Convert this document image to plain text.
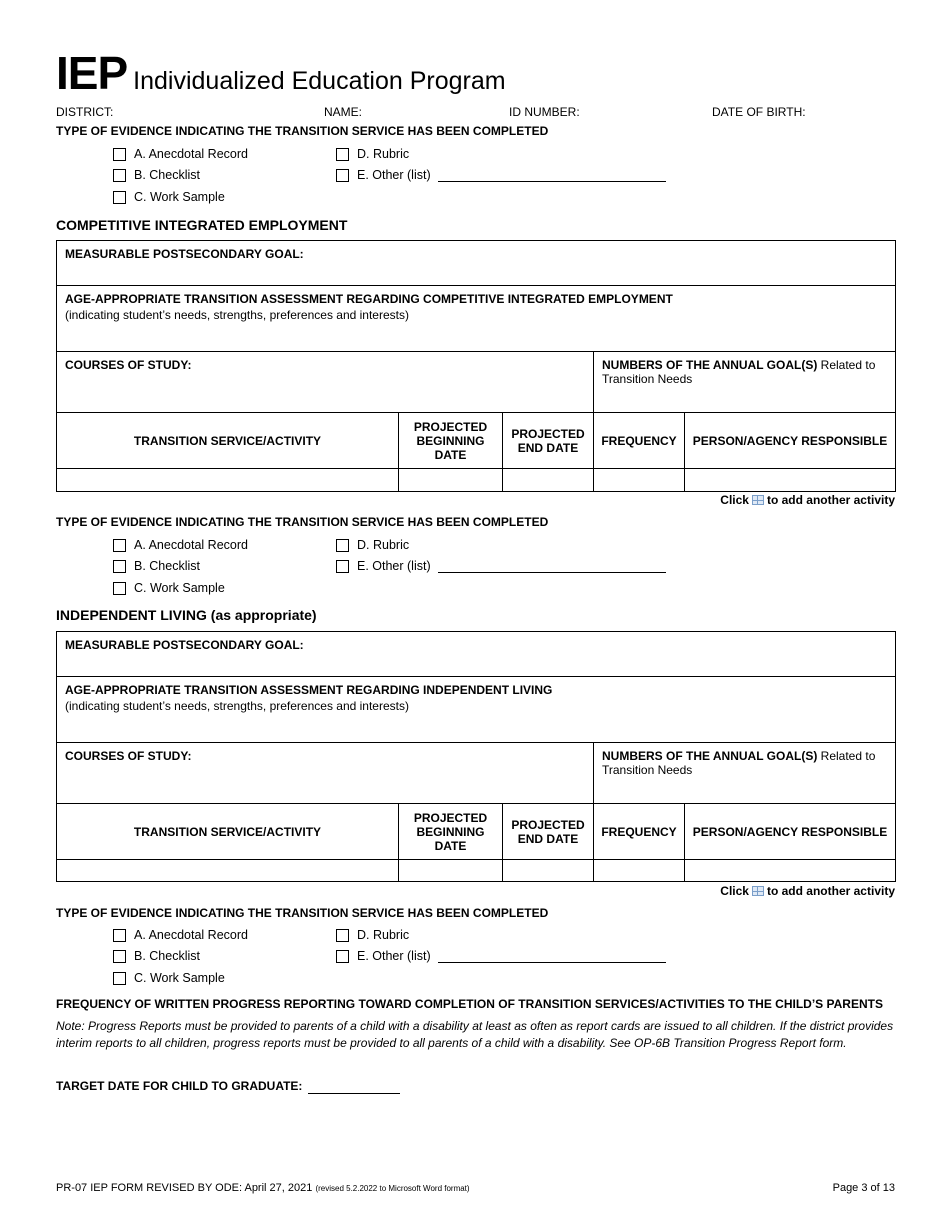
IEP Individualized Education Program
DISTRICT:	NAME:	ID NUMBER:	DATE OF BIRTH:
TYPE OF EVIDENCE INDICATING THE TRANSITION SERVICE HAS BEEN COMPLETED
A. Anecdotal Record
B. Checklist
C. Work Sample
D. Rubric
E. Other (list)
COMPETITIVE INTEGRATED EMPLOYMENT
MEASURABLE POSTSECONDARY GOAL:				

AGE-APPROPRIATE TRANSITION ASSESSMENT REGARDING COMPETITIVE INTEGRATED EMPLOYMENT
(indicating student’s needs, strengths, preferences and interests)				

COURSES OF STUDY:			NUMBERS OF THE ANNUAL GOAL(S) Related to Transition Needs	
TRANSITION SERVICE/ACTIVITY	PROJECTED BEGINNING DATE	PROJECTED END DATE	FREQUENCY	PERSON/AGENCY RESPONSIBLE

Click to add another activity
TYPE OF EVIDENCE INDICATING THE TRANSITION SERVICE HAS BEEN COMPLETED
A. Anecdotal Record
B. Checklist
C. Work Sample
D. Rubric
E. Other (list)
INDEPENDENT LIVING (as appropriate)
MEASURABLE POSTSECONDARY GOAL:				

AGE-APPROPRIATE TRANSITION ASSESSMENT REGARDING INDEPENDENT LIVING
(indicating student’s needs, strengths, preferences and interests)				

COURSES OF STUDY:			NUMBERS OF THE ANNUAL GOAL(S) Related to Transition Needs	
TRANSITION SERVICE/ACTIVITY	PROJECTED BEGINNING DATE	PROJECTED END DATE	FREQUENCY	PERSON/AGENCY RESPONSIBLE

Click to add another activity
TYPE OF EVIDENCE INDICATING THE TRANSITION SERVICE HAS BEEN COMPLETED
A. Anecdotal Record
B. Checklist
C. Work Sample
D. Rubric
E. Other (list)
FREQUENCY OF WRITTEN PROGRESS REPORTING TOWARD COMPLETION OF TRANSITION SERVICES/ACTIVITIES TO THE CHILD’S PARENTS
Note: Progress Reports must be provided to parents of a child with a disability at least as often as report cards are issued to all children. If the district provides interim reports to all children, progress reports must be provided to all parents of a child with a disability. See OP-6B Transition Progress Report form.
TARGET DATE FOR CHILD TO GRADUATE:
PR-07 IEP FORM REVISED BY ODE: April 27, 2021 (revised 5.2.2022 to Microsoft Word format)	Page 3 of 13
